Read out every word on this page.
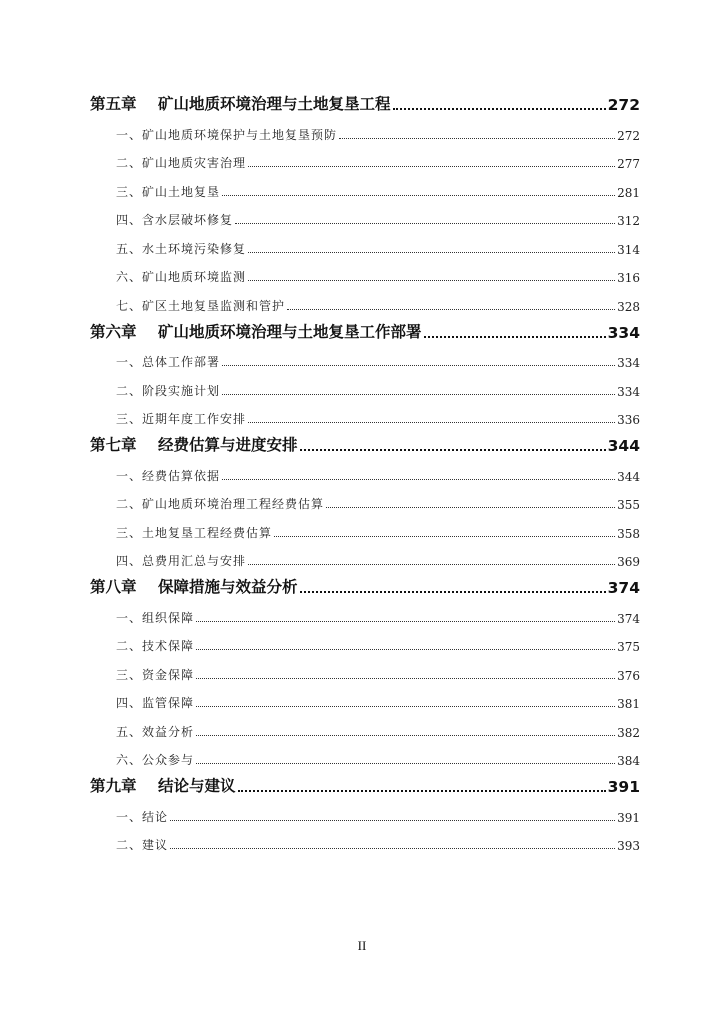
第五章 矿山地质环境治理与土地复垦工程	272
一、矿山地质环境保护与土地复垦预防	272
二、矿山地质灾害治理	277
三、矿山土地复垦	281
四、含水层破坏修复	312
五、水土环境污染修复	314
六、矿山地质环境监测	316
七、矿区土地复垦监测和管护	328
第六章 矿山地质环境治理与土地复垦工作部署	334
一、总体工作部署	334
二、阶段实施计划	334
三、近期年度工作安排	336
第七章 经费估算与进度安排	344
一、经费估算依据	344
二、矿山地质环境治理工程经费估算	355
三、土地复垦工程经费估算	358
四、总费用汇总与安排	369
第八章 保障措施与效益分析	374
一、组织保障	374
二、技术保障	375
三、资金保障	376
四、监管保障	381
五、效益分析	382
六、公众参与	384
第九章 结论与建议	391
一、结论	391
二、建议	393
II
